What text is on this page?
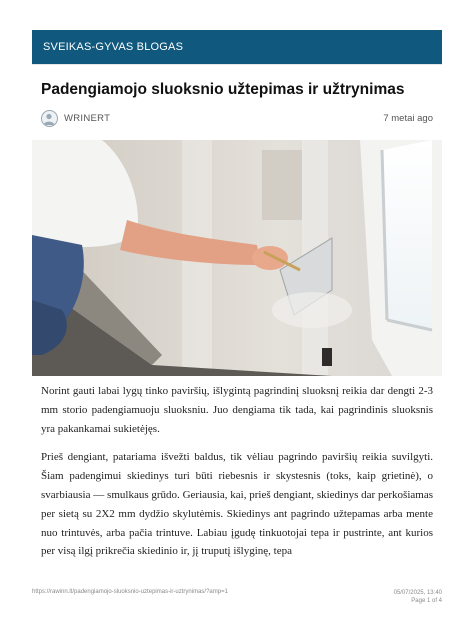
SVEIKAS-GYVAS BLOGAS
Padengiamojo sluoksnio užtepimas ir užtrynimas
WRINERT	7 metai ago

Norint gauti labai lygų tinko paviršių, išlygintą pagrindinį sluoksnį reikia dar dengti 2-3 mm storio padengiamuoju sluoksniu. Juo dengiama tik tada, kai pagrindinis sluoksnis yra pakankamai sukietėjęs.

Prieš dengiant, patariama išvežti baldus, tik vėliau pagrindo paviršių reikia suvilgyti. Šiam padengimui skiedinys turi būti riebesnis ir skystesnis (toks, kaip grietinė), o svarbiausia — smulkaus grūdo. Geriausia, kai, prieš dengiant, skiedinys dar perkošiamas per sietą su 2X2 mm dydžio skylutėmis. Skiedinys ant pagrindo užtepamas arba mente nuo trintuvės, arba pačia trintuve. Labiau įgudę tinkuotojai tepa ir pustrinte, ant kurios per visą ilgį prikrečia skiedinio ir, jį truputį išlyginę, tepa

https://rawinn.lt/padengiamojo-sluoksnio-uztepimas-ir-uztrynimas/?amp=1	05/07/2025, 13:40
Page 1 of 4
